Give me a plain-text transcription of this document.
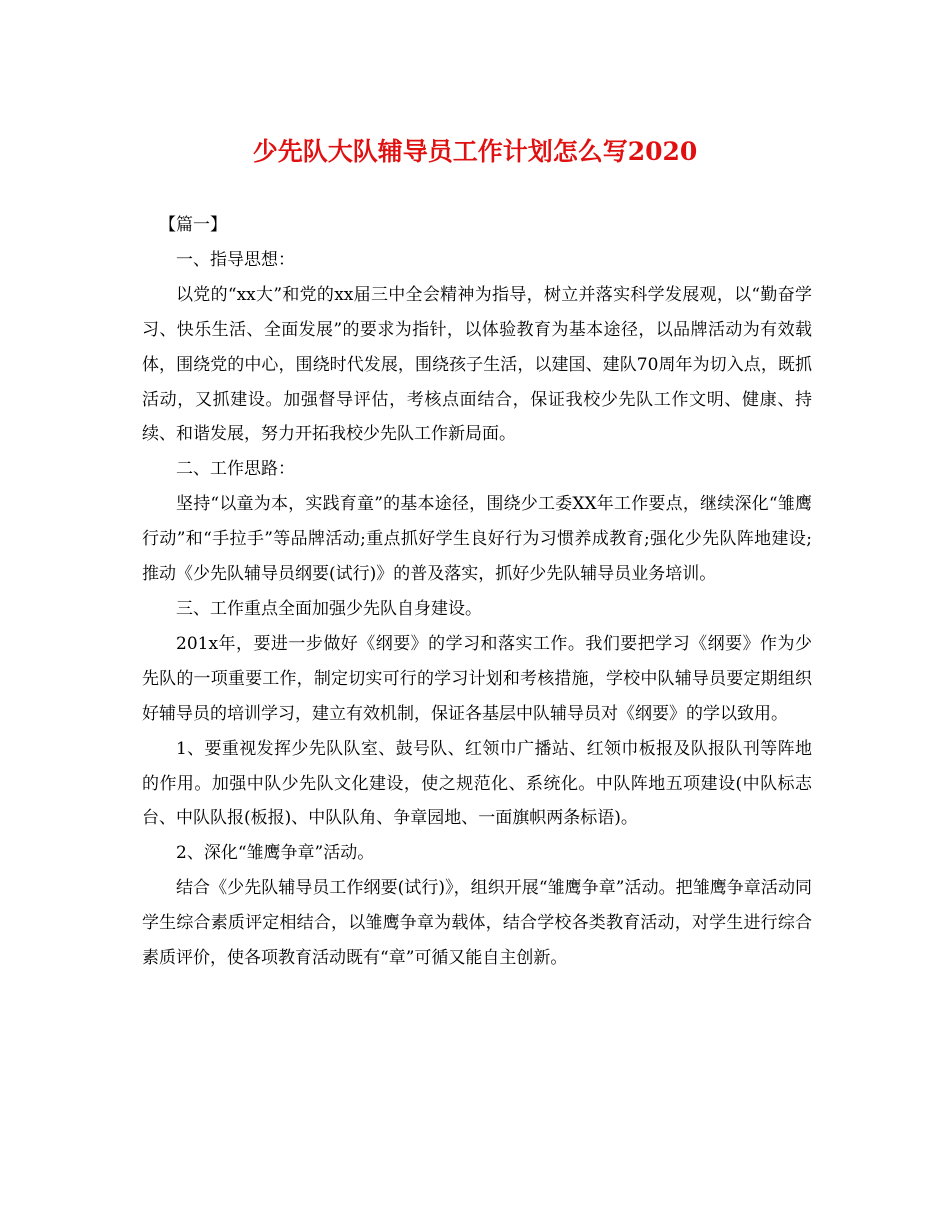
少先队大队辅导员工作计划怎么写2020

【篇一】

一、指导思想：

以党的“xx大”和党的xx届三中全会精神为指导，树立并落实科学发展观，以“勤奋学习、快乐生活、全面发展”的要求为指针，以体验教育为基本途径，以品牌活动为有效载体，围绕党的中心，围绕时代发展，围绕孩子生活，以建国、建队70周年为切入点，既抓活动，又抓建设。加强督导评估，考核点面结合，保证我校少先队工作文明、健康、持续、和谐发展，努力开拓我校少先队工作新局面。

二、工作思路：

坚持“以童为本，实践育童”的基本途径，围绕少工委XX年工作要点，继续深化“雏鹰行动”和“手拉手”等品牌活动;重点抓好学生良好行为习惯养成教育;强化少先队阵地建设;推动《少先队辅导员纲要(试行)》的普及落实，抓好少先队辅导员业务培训。

三、工作重点全面加强少先队自身建设。

201x年，要进一步做好《纲要》的学习和落实工作。我们要把学习《纲要》作为少先队的一项重要工作，制定切实可行的学习计划和考核措施，学校中队辅导员要定期组织好辅导员的培训学习，建立有效机制，保证各基层中队辅导员对《纲要》的学以致用。

1、要重视发挥少先队队室、鼓号队、红领巾广播站、红领巾板报及队报队刊等阵地的作用。加强中队少先队文化建设，使之规范化、系统化。中队阵地五项建设(中队标志台、中队队报(板报)、中队队角、争章园地、一面旗帜两条标语)。

2、深化“雏鹰争章”活动。

结合《少先队辅导员工作纲要(试行)》，组织开展“雏鹰争章”活动。把雏鹰争章活动同学生综合素质评定相结合，以雏鹰争章为载体，结合学校各类教育活动，对学生进行综合素质评价，使各项教育活动既有“章”可循又能自主创新。
